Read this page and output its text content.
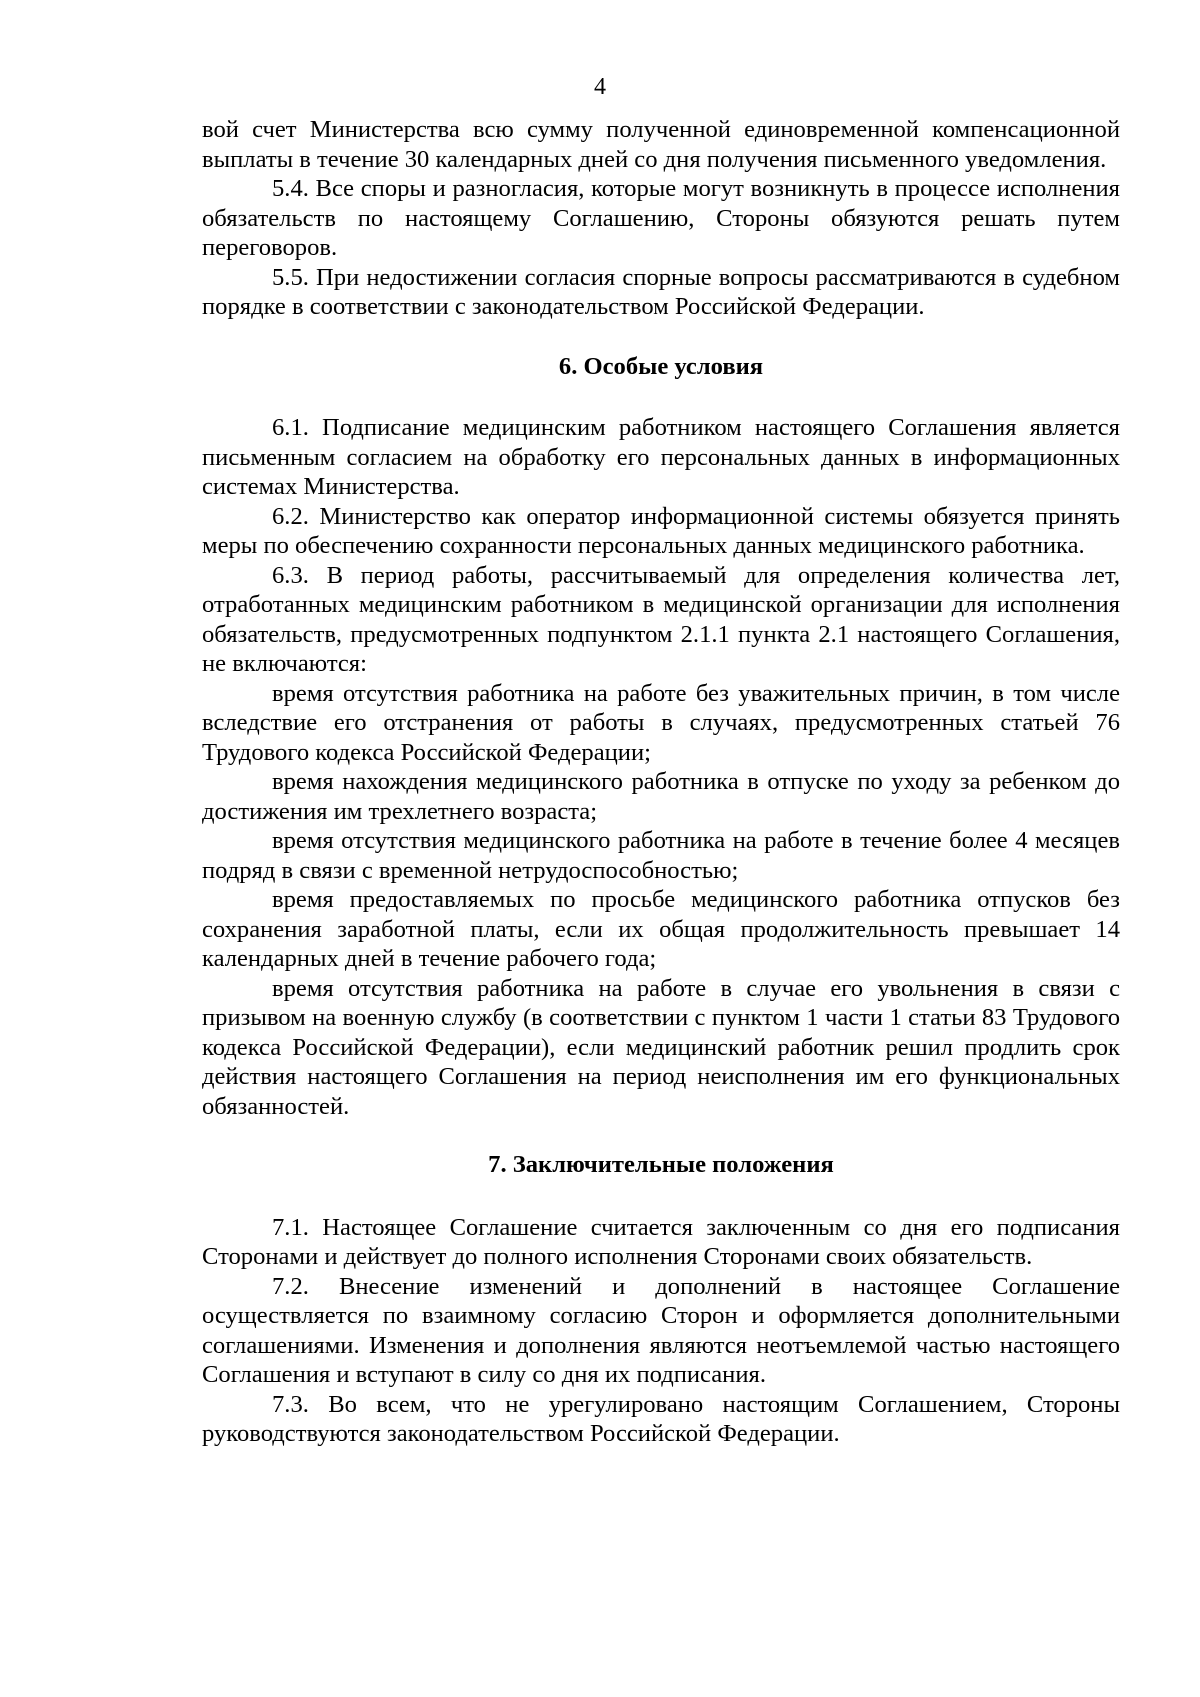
4

вой счет Министерства всю сумму полученной единовременной компенсационной выплаты в течение 30 календарных дней со дня получения письменного уведомления.

5.4. Все споры и разногласия, которые могут возникнуть в процессе исполнения обязательств по настоящему Соглашению, Стороны обязуются решать путем переговоров.

5.5. При недостижении согласия спорные вопросы рассматриваются в судебном порядке в соответствии с законодательством Российской Федерации.

6. Особые условия

6.1. Подписание медицинским работником настоящего Соглашения является письменным согласием на обработку его персональных данных в информационных системах Министерства.

6.2. Министерство как оператор информационной системы обязуется принять меры по обеспечению сохранности персональных данных медицинского работника.

6.3. В период работы, рассчитываемый для определения количества лет, отработанных медицинским работником в медицинской организации для исполнения обязательств, предусмотренных подпунктом 2.1.1 пункта 2.1 настоящего Соглашения, не включаются:

время отсутствия работника на работе без уважительных причин, в том числе вследствие его отстранения от работы в случаях, предусмотренных статьей 76 Трудового кодекса Российской Федерации;

время нахождения медицинского работника в отпуске по уходу за ребенком до достижения им трехлетнего возраста;

время отсутствия медицинского работника на работе в течение более 4 месяцев подряд в связи с временной нетрудоспособностью;

время предоставляемых по просьбе медицинского работника отпусков без сохранения заработной платы, если их общая продолжительность превышает 14 календарных дней в течение рабочего года;

время отсутствия работника на работе в случае его увольнения в связи с призывом на военную службу (в соответствии с пунктом 1 части 1 статьи 83 Трудового кодекса Российской Федерации), если медицинский работник решил продлить срок действия настоящего Соглашения на период неисполнения им его функциональных обязанностей.

7. Заключительные положения

7.1. Настоящее Соглашение считается заключенным со дня его подписания Сторонами и действует до полного исполнения Сторонами своих обязательств.

7.2. Внесение изменений и дополнений в настоящее Соглашение осуществляется по взаимному согласию Сторон и оформляется дополнительными соглашениями. Изменения и дополнения являются неотъемлемой частью настоящего Соглашения и вступают в силу со дня их подписания.

7.3. Во всем, что не урегулировано настоящим Соглашением, Стороны руководствуются законодательством Российской Федерации.
